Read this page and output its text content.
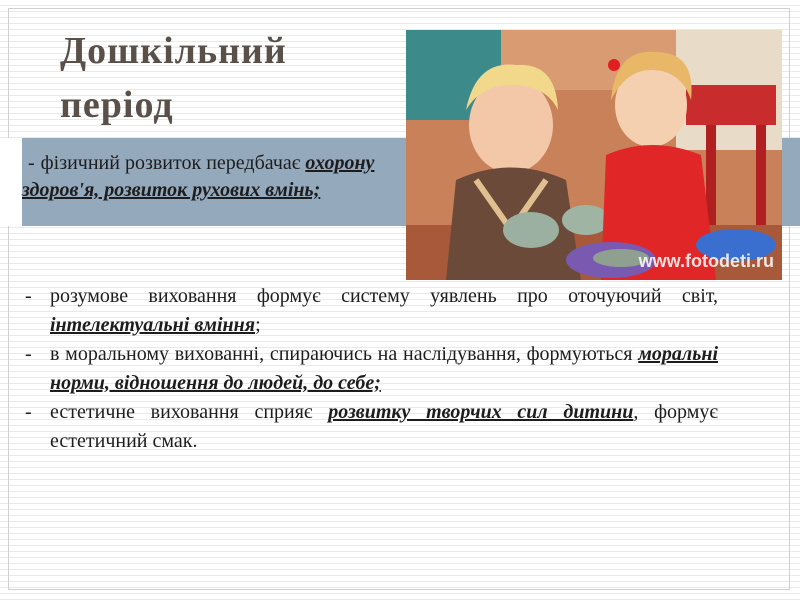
Дошкільний
період
www.fotodeti.ru
- фізичний розвиток передбачає охорону здоров'я, розвиток рухових вмінь;
- розумове виховання формує систему уявлень про оточуючий світ, інтелектуальні вміння;
- в моральному вихованні, спираючись на наслідування, формуються моральні норми, відношення до людей, до себе;
- естетичне виховання сприяє розвитку творчих сил дитини, формує естетичний смак.
